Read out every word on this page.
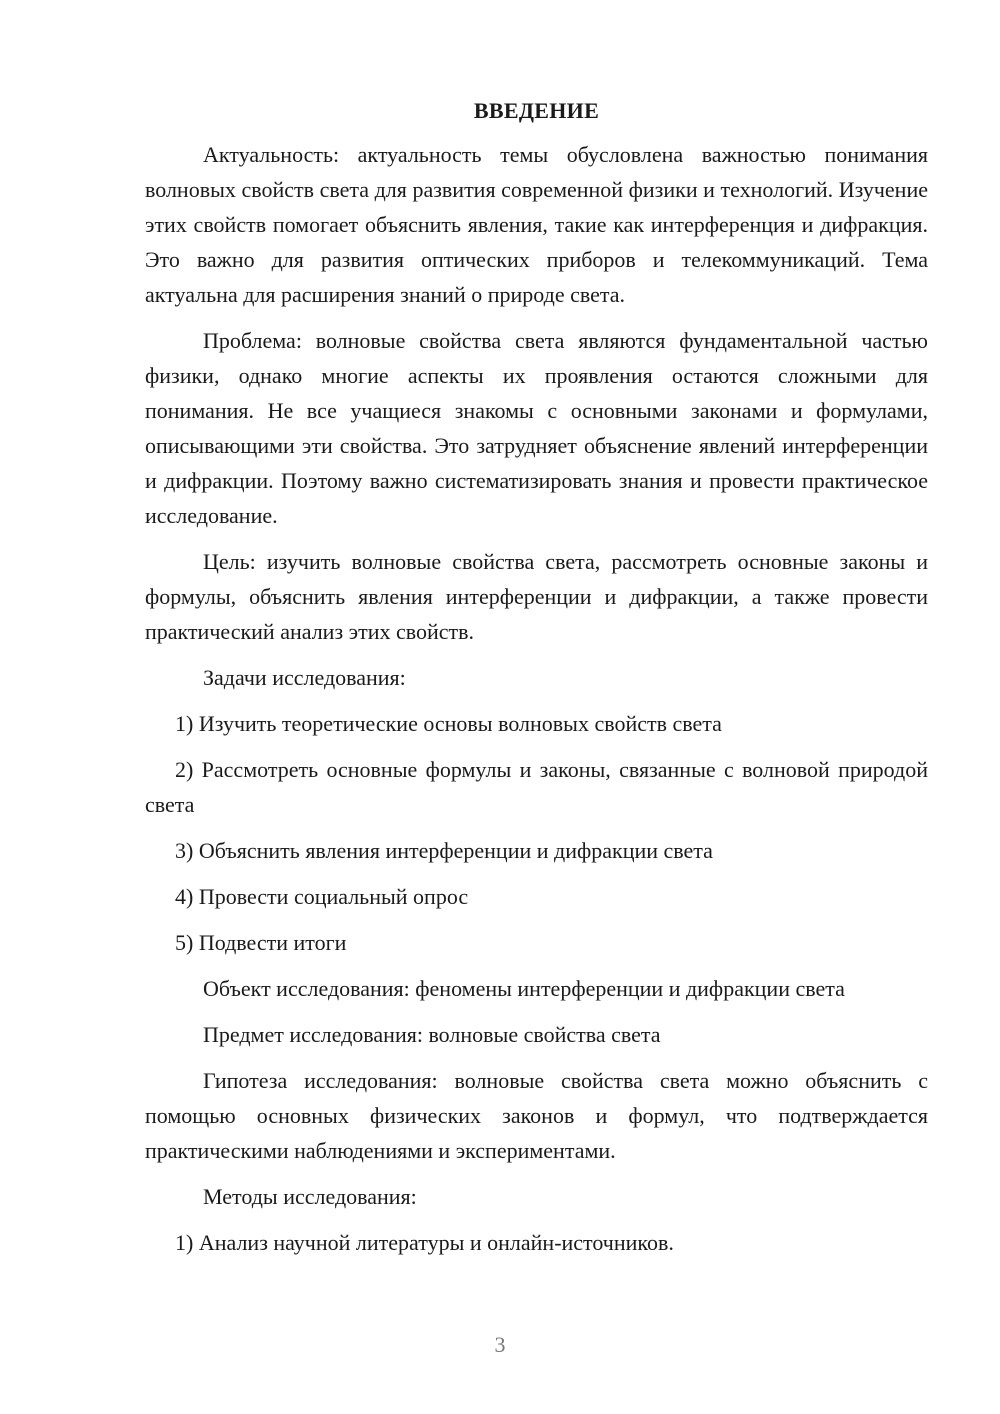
ВВЕДЕНИЕ

Актуальность: актуальность темы обусловлена важностью понимания волновых свойств света для развития современной физики и технологий. Изучение этих свойств помогает объяснить явления, такие как интерференция и дифракция. Это важно для развития оптических приборов и телекоммуникаций. Тема актуальна для расширения знаний о природе света.

Проблема: волновые свойства света являются фундаментальной частью физики, однако многие аспекты их проявления остаются сложными для понимания. Не все учащиеся знакомы с основными законами и формулами, описывающими эти свойства. Это затрудняет объяснение явлений интерференции и дифракции. Поэтому важно систематизировать знания и провести практическое исследование.

Цель: изучить волновые свойства света, рассмотреть основные законы и формулы, объяснить явления интерференции и дифракции, а также провести практический анализ этих свойств.

Задачи исследования:

1) Изучить теоретические основы волновых свойств света

2) Рассмотреть основные формулы и законы, связанные с волновой природой света

3) Объяснить явления интерференции и дифракции света

4) Провести социальный опрос

5) Подвести итоги

Объект исследования: феномены интерференции и дифракции света

Предмет исследования: волновые свойства света

Гипотеза исследования: волновые свойства света можно объяснить с помощью основных физических законов и формул, что подтверждается практическими наблюдениями и экспериментами.

Методы исследования:

1) Анализ научной литературы и онлайн-источников.

3
